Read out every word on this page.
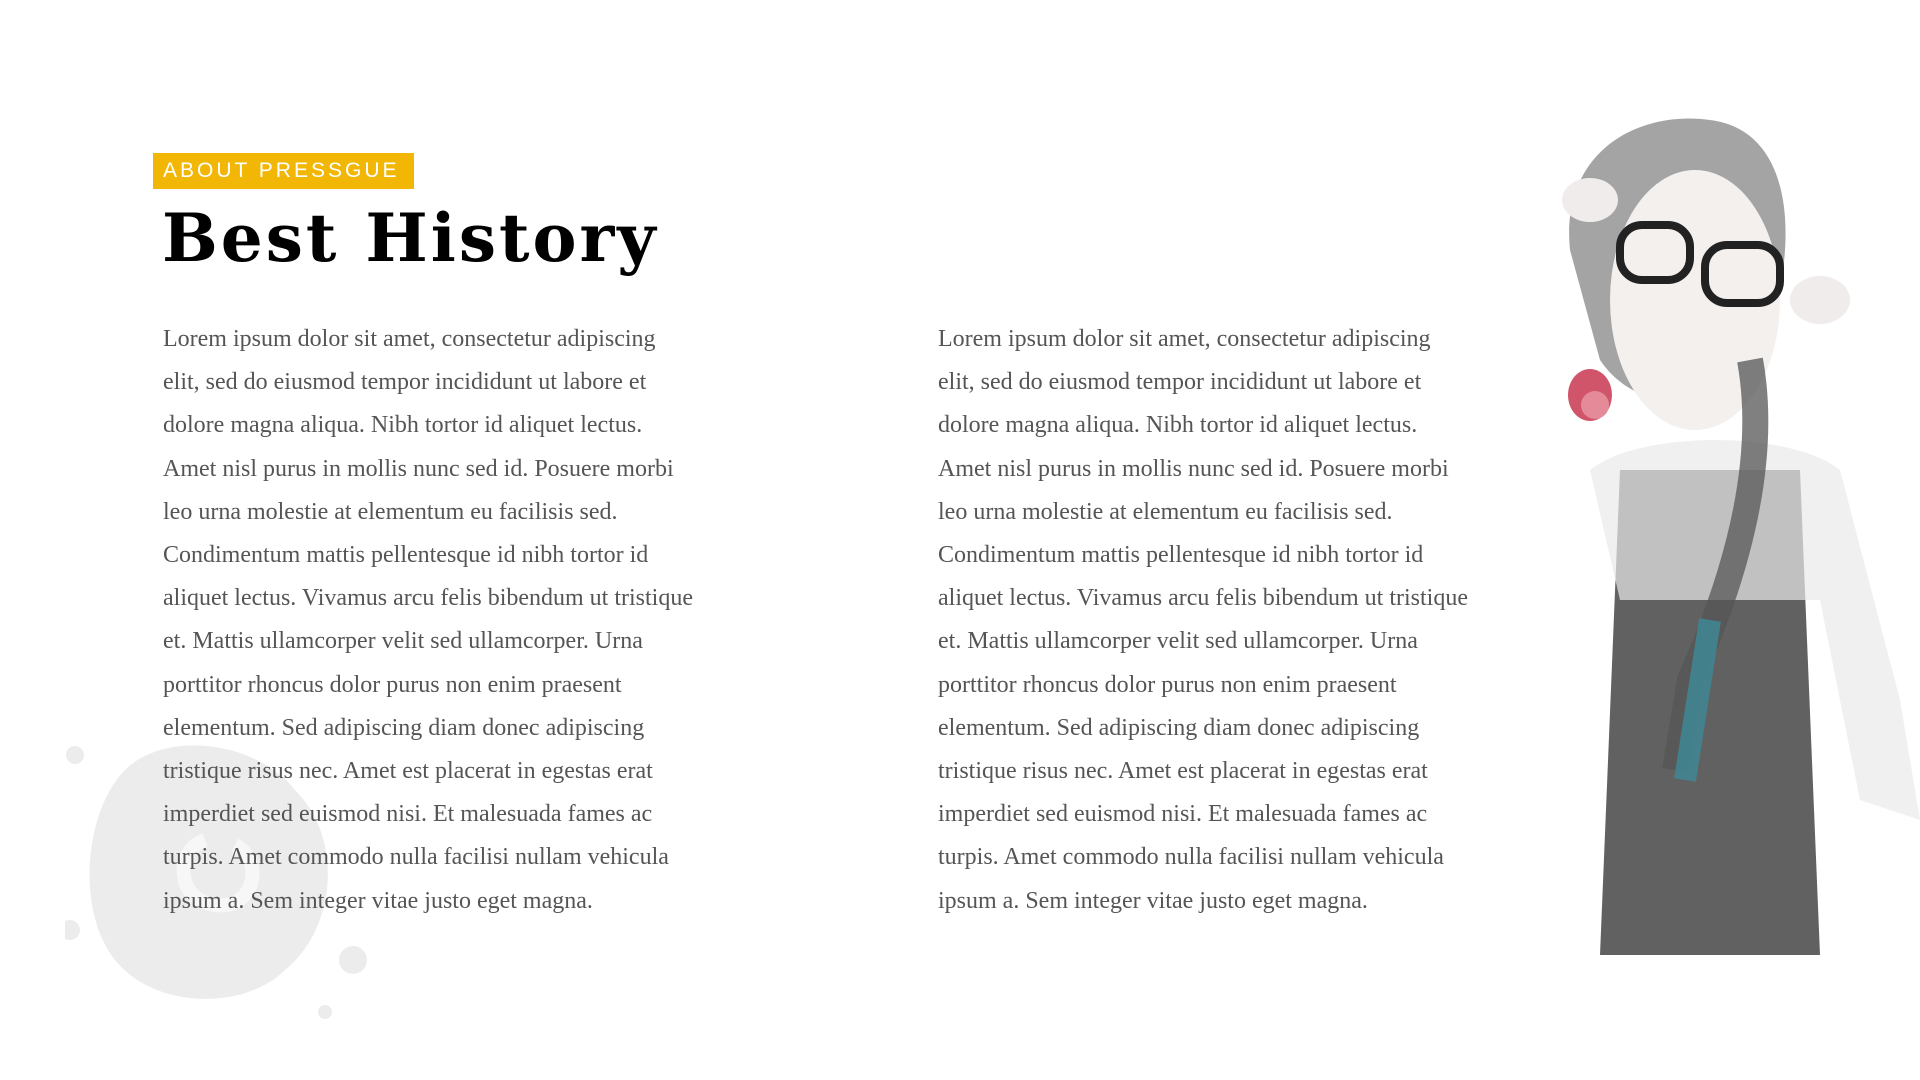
ABOUT PRESSGUE
Best History
Lorem ipsum dolor sit amet, consectetur adipiscing
elit, sed do eiusmod tempor incididunt ut labore et
dolore magna aliqua. Nibh tortor id aliquet lectus.
Amet nisl purus in mollis nunc sed id. Posuere morbi
leo urna molestie at elementum eu facilisis sed.
Condimentum mattis pellentesque id nibh tortor id
aliquet lectus. Vivamus arcu felis bibendum ut tristique
et. Mattis ullamcorper velit sed ullamcorper. Urna
porttitor rhoncus dolor purus non enim praesent
elementum. Sed adipiscing diam donec adipiscing
tristique risus nec. Amet est placerat in egestas erat
imperdiet sed euismod nisi. Et malesuada fames ac
turpis. Amet commodo nulla facilisi nullam vehicula
ipsum a. Sem integer vitae justo eget magna.
Lorem ipsum dolor sit amet, consectetur adipiscing
elit, sed do eiusmod tempor incididunt ut labore et
dolore magna aliqua. Nibh tortor id aliquet lectus.
Amet nisl purus in mollis nunc sed id. Posuere morbi
leo urna molestie at elementum eu facilisis sed.
Condimentum mattis pellentesque id nibh tortor id
aliquet lectus. Vivamus arcu felis bibendum ut tristique
et. Mattis ullamcorper velit sed ullamcorper. Urna
porttitor rhoncus dolor purus non enim praesent
elementum. Sed adipiscing diam donec adipiscing
tristique risus nec. Amet est placerat in egestas erat
imperdiet sed euismod nisi. Et malesuada fames ac
turpis. Amet commodo nulla facilisi nullam vehicula
ipsum a. Sem integer vitae justo eget magna.
